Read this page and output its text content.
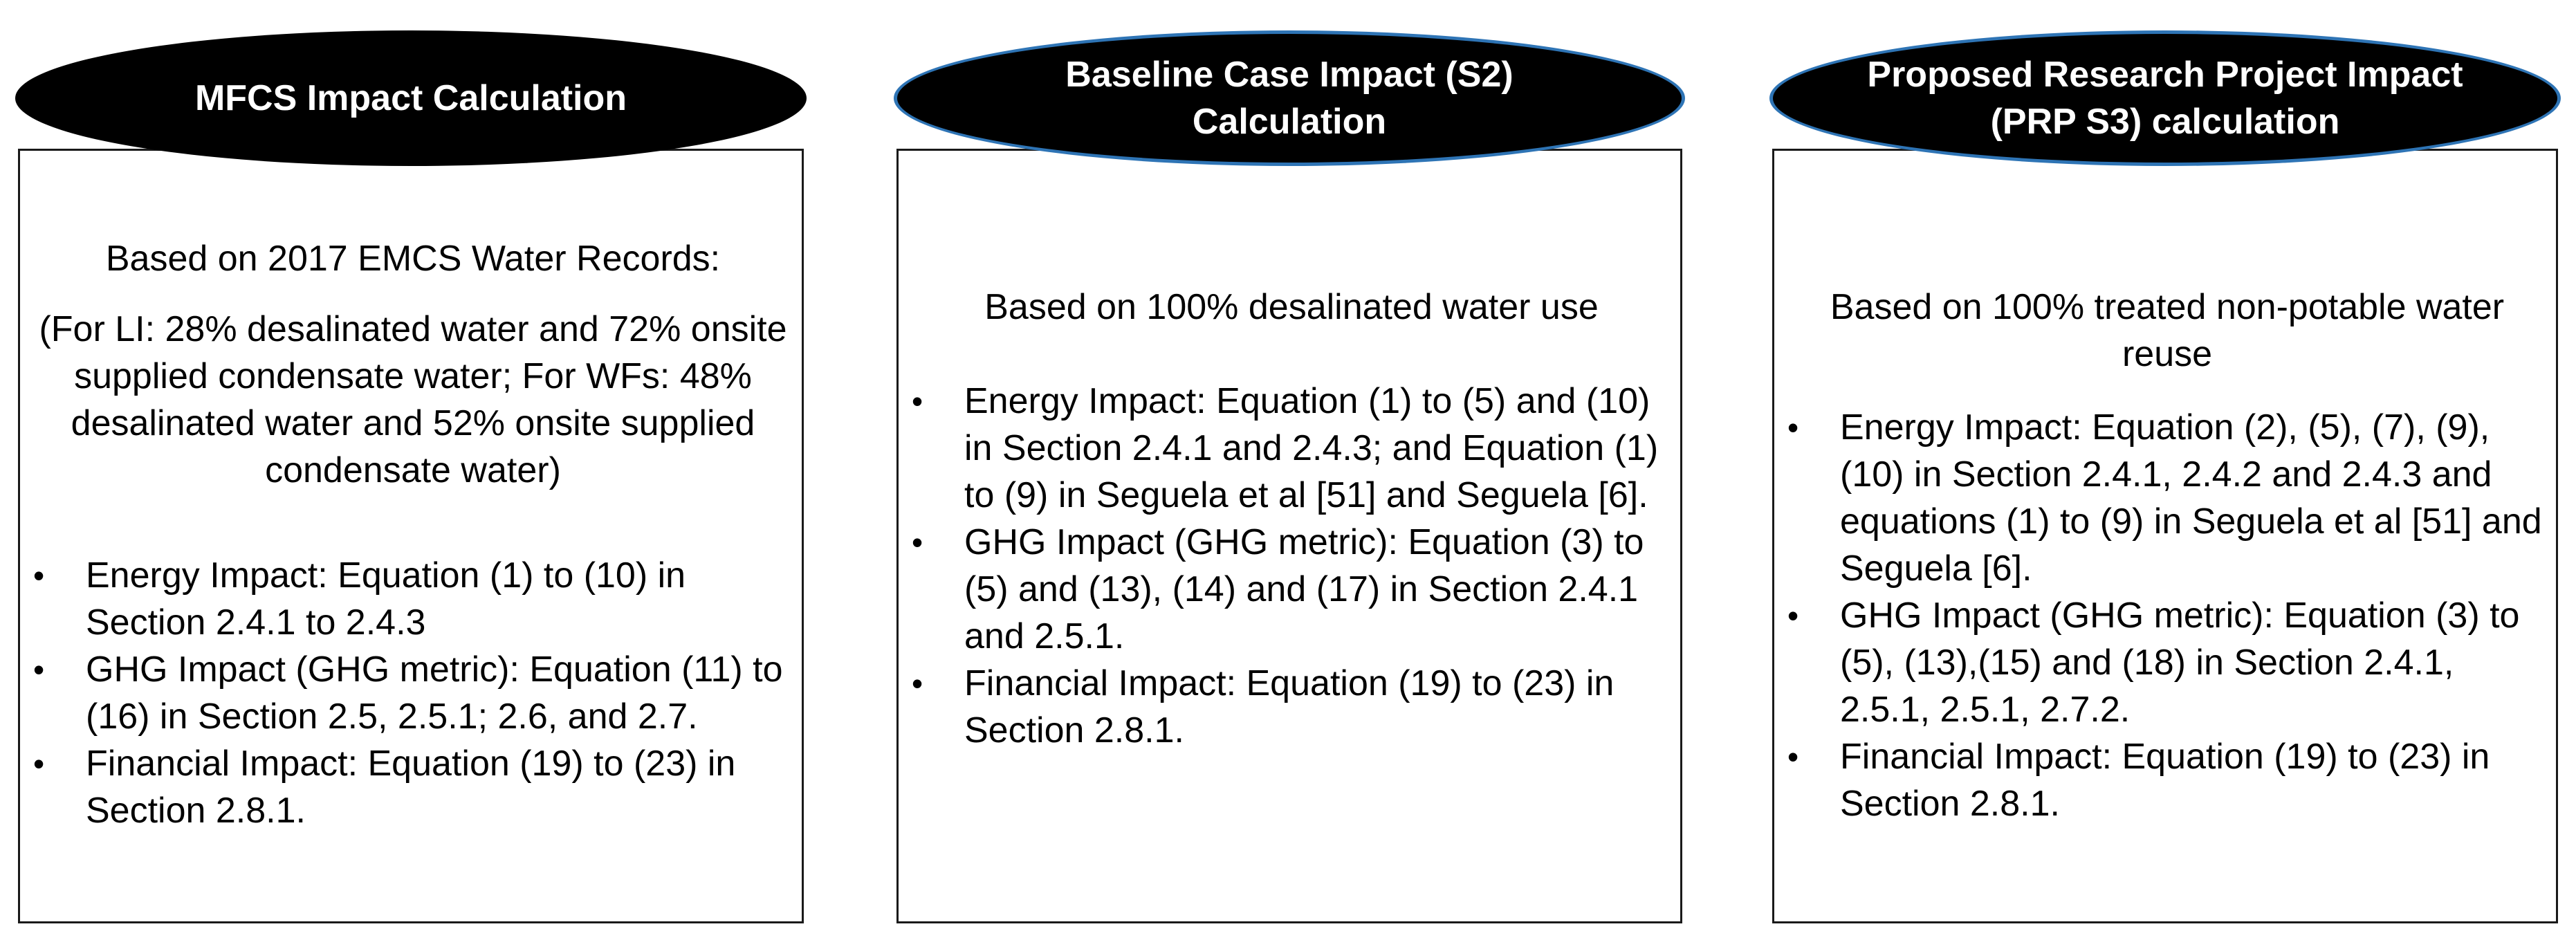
MFCS Impact Calculation

Based on 2017 EMCS Water Records:

(For LI: 28% desalinated water and 72% onsite supplied condensate water; For WFs: 48% desalinated water and 52% onsite supplied condensate water)

• Energy Impact: Equation (1) to (10) in Section 2.4.1 to 2.4.3
• GHG Impact (GHG metric): Equation (11) to (16) in Section 2.5, 2.5.1; 2.6, and 2.7.
• Financial Impact: Equation (19) to (23) in Section 2.8.1.
Baseline Case Impact (S2)
Calculation

Based on 100% desalinated water use

• Energy Impact: Equation (1) to (5) and (10) in Section 2.4.1 and 2.4.3; and Equation (1) to (9) in Seguela et al [51] and Seguela [6].
• GHG Impact (GHG metric): Equation (3) to (5) and (13), (14) and (17) in Section 2.4.1 and 2.5.1.
• Financial Impact: Equation (19) to (23) in Section 2.8.1.
Proposed Research Project Impact
(PRP S3) calculation

Based on 100% treated non-potable water reuse

• Energy Impact: Equation (2), (5), (7), (9), (10) in Section 2.4.1, 2.4.2 and 2.4.3 and equations (1) to (9) in Seguela et al [51] and Seguela [6].
• GHG Impact (GHG metric): Equation (3) to (5), (13),(15) and (18) in Section 2.4.1, 2.5.1, 2.5.1, 2.7.2.
• Financial Impact: Equation (19) to (23) in Section 2.8.1.
